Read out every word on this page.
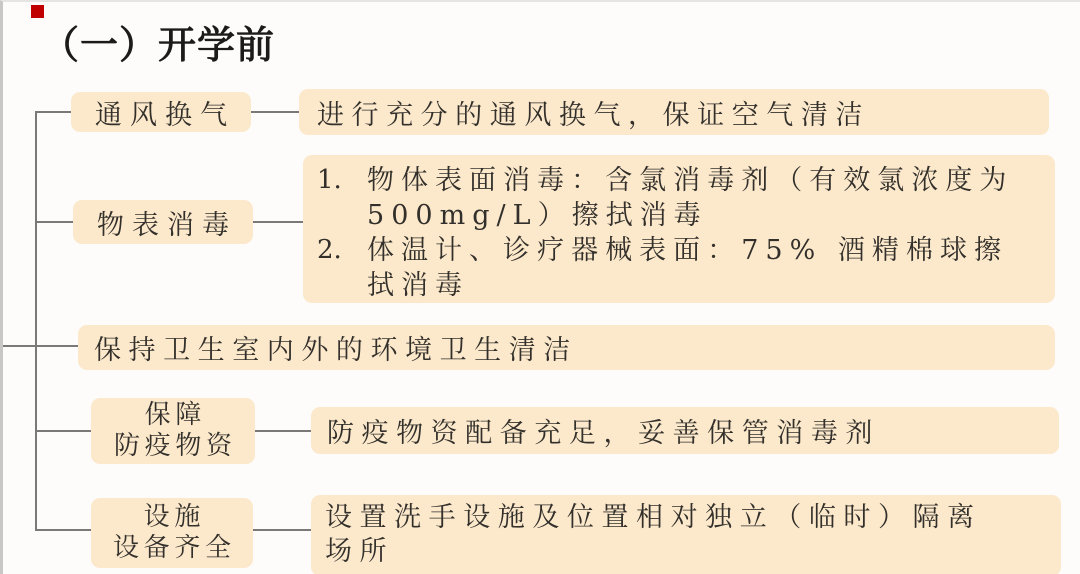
（一）开学前
通风换气	进行充分的通风换气，保证空气清洁
物表消毒
1. 物体表面消毒：含氯消毒剂（有效氯浓度为
500mg/L）擦拭消毒
2. 体温计、诊疗器械表面：75% 酒精棉球擦
拭消毒
保持卫生室内外的环境卫生清洁
保障
防疫物资	防疫物资配备充足，妥善保管消毒剂
设施
设备齐全
设置洗手设施及位置相对独立（临时）隔离
场所
